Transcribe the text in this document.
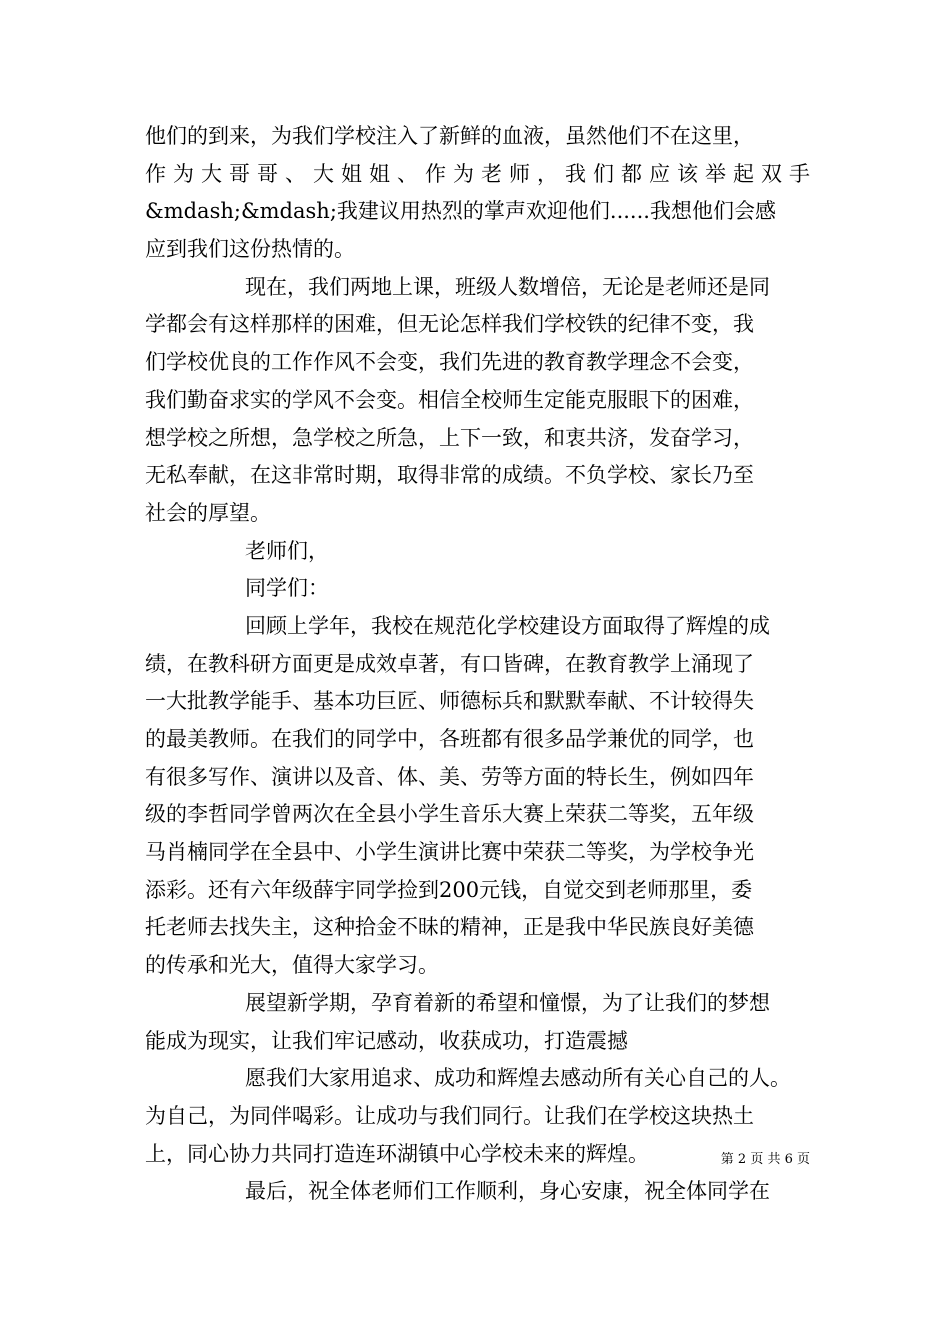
他们的到来，为我们学校注入了新鲜的血液，虽然他们不在这里，
作为大哥哥、大姐姐、作为老师，我们都应该举起双手
&mdash;&mdash;我建议用热烈的掌声欢迎他们......我想他们会感
应到我们这份热情的。
现在，我们两地上课，班级人数增倍，无论是老师还是同
学都会有这样那样的困难，但无论怎样我们学校铁的纪律不变，我
们学校优良的工作作风不会变，我们先进的教育教学理念不会变，
我们勤奋求实的学风不会变。相信全校师生定能克服眼下的困难，
想学校之所想，急学校之所急，上下一致，和衷共济，发奋学习，
无私奉献，在这非常时期，取得非常的成绩。不负学校、家长乃至
社会的厚望。
老师们，
同学们：
回顾上学年，我校在规范化学校建设方面取得了辉煌的成
绩，在教科研方面更是成效卓著，有口皆碑，在教育教学上涌现了
一大批教学能手、基本功巨匠、师德标兵和默默奉献、不计较得失
的最美教师。在我们的同学中，各班都有很多品学兼优的同学，也
有很多写作、演讲以及音、体、美、劳等方面的特长生，例如四年
级的李哲同学曾两次在全县小学生音乐大赛上荣获二等奖，五年级
马肖楠同学在全县中、小学生演讲比赛中荣获二等奖，为学校争光
添彩。还有六年级薛宇同学捡到200元钱，自觉交到老师那里，委
托老师去找失主，这种拾金不昧的精神，正是我中华民族良好美德
的传承和光大，值得大家学习。
展望新学期，孕育着新的希望和憧憬，为了让我们的梦想
能成为现实，让我们牢记感动，收获成功，打造震撼
愿我们大家用追求、成功和辉煌去感动所有关心自己的人。
为自己，为同伴喝彩。让成功与我们同行。让我们在学校这块热土
上，同心协力共同打造连环湖镇中心学校未来的辉煌。
最后，祝全体老师们工作顺利，身心安康，祝全体同学在
第 2 页 共 6 页
